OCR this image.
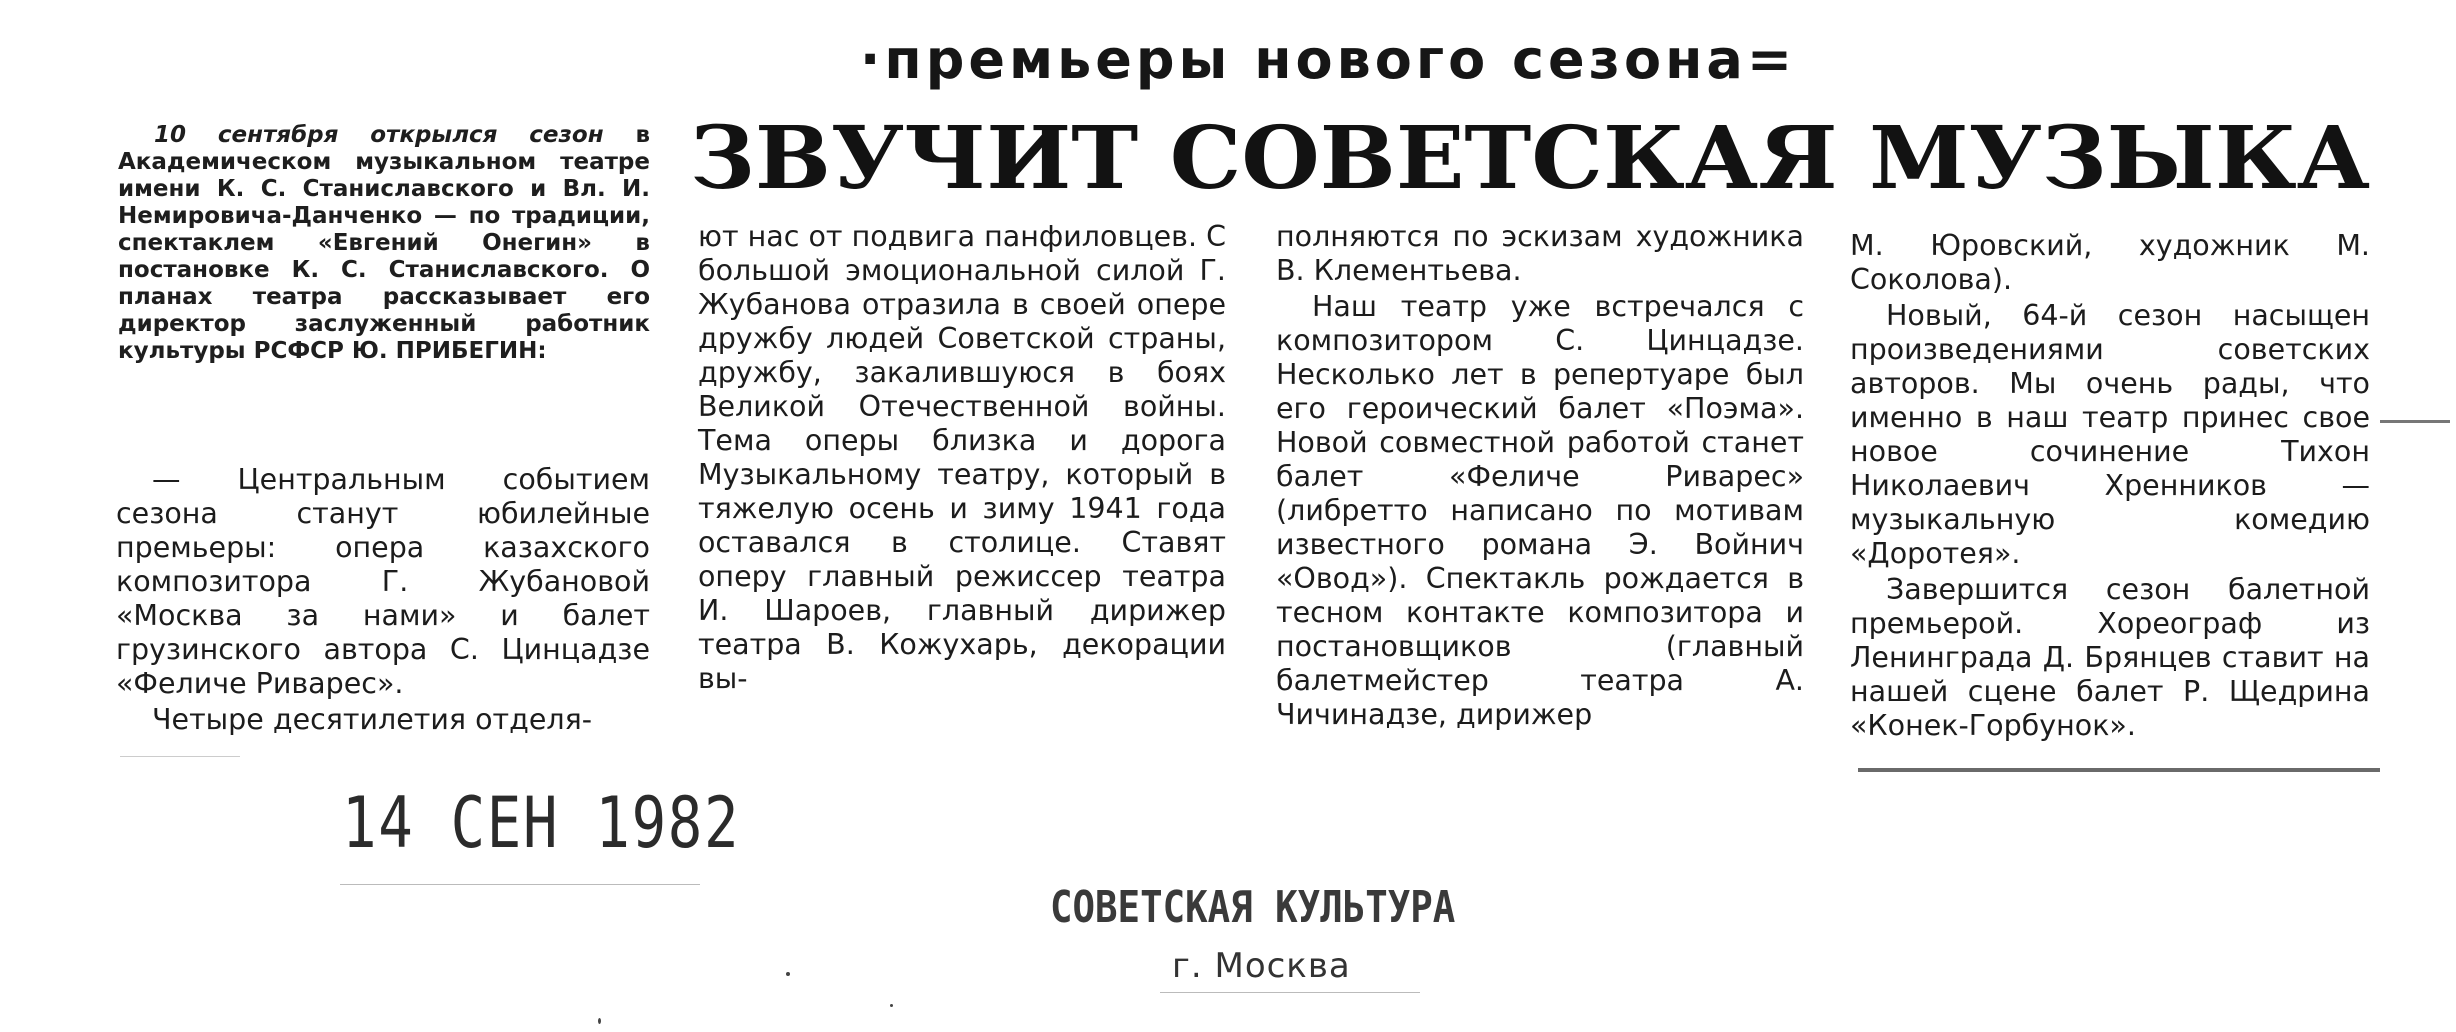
·премьеры нового сезона=
ЗВУЧИТ СОВЕТСКАЯ МУЗЫКА

10 сентября открылся сезон в Академическом музыкальном театре имени К. С. Станиславского и Вл. И. Немировича-Данченко — по традиции, спектаклем «Евгений Онегин» в постановке К. С. Станиславского. О планах театра рассказывает его директор заслуженный работник культуры РСФСР Ю. ПРИБЕГИН:

— Центральным событием сезона станут юбилейные премьеры: опера казахского композитора Г. Жубановой «Москва за нами» и балет грузинского автора С. Цинцадзе «Феличе Риварес».

Четыре десятилетия отделя-

ют нас от подвига панфиловцев. С большой эмоциональной силой Г. Жубанова отразила в своей опере дружбу людей Советской страны, дружбу, закалившуюся в боях Великой Отечественной войны. Тема оперы близка и дорога Музыкальному театру, который в тяжелую осень и зиму 1941 года оставался в столице. Ставят оперу главный режиссер театра И. Шароев, главный дирижер театра В. Кожухарь, декорации вы-

полняются по эскизам художника В. Клементьева.

Наш театр уже встречался с композитором С. Цинцадзе. Несколько лет в репертуаре был его героический балет «Поэма». Новой совместной работой станет балет «Феличе Риварес» (либретто написано по мотивам известного романа Э. Войнич «Овод»). Спектакль рождается в тесном контакте композитора и постановщиков (главный балетмейстер театра А. Чичинадзе, дирижер

М. Юровский, художник М. Соколова).

Новый, 64-й сезон насыщен произведениями советских авторов. Мы очень рады, что именно в наш театр принес свое новое сочинение Тихон Николаевич Хренников — музыкальную комедию «Доротея».

Завершится сезон балетной премьерой. Хореограф из Ленинграда Д. Брянцев ставит на нашей сцене балет Р. Щедрина «Конек-Горбунок».

14 СЕН 1982
СОВЕТСКАЯ КУЛЬТУРА
г. Москва
